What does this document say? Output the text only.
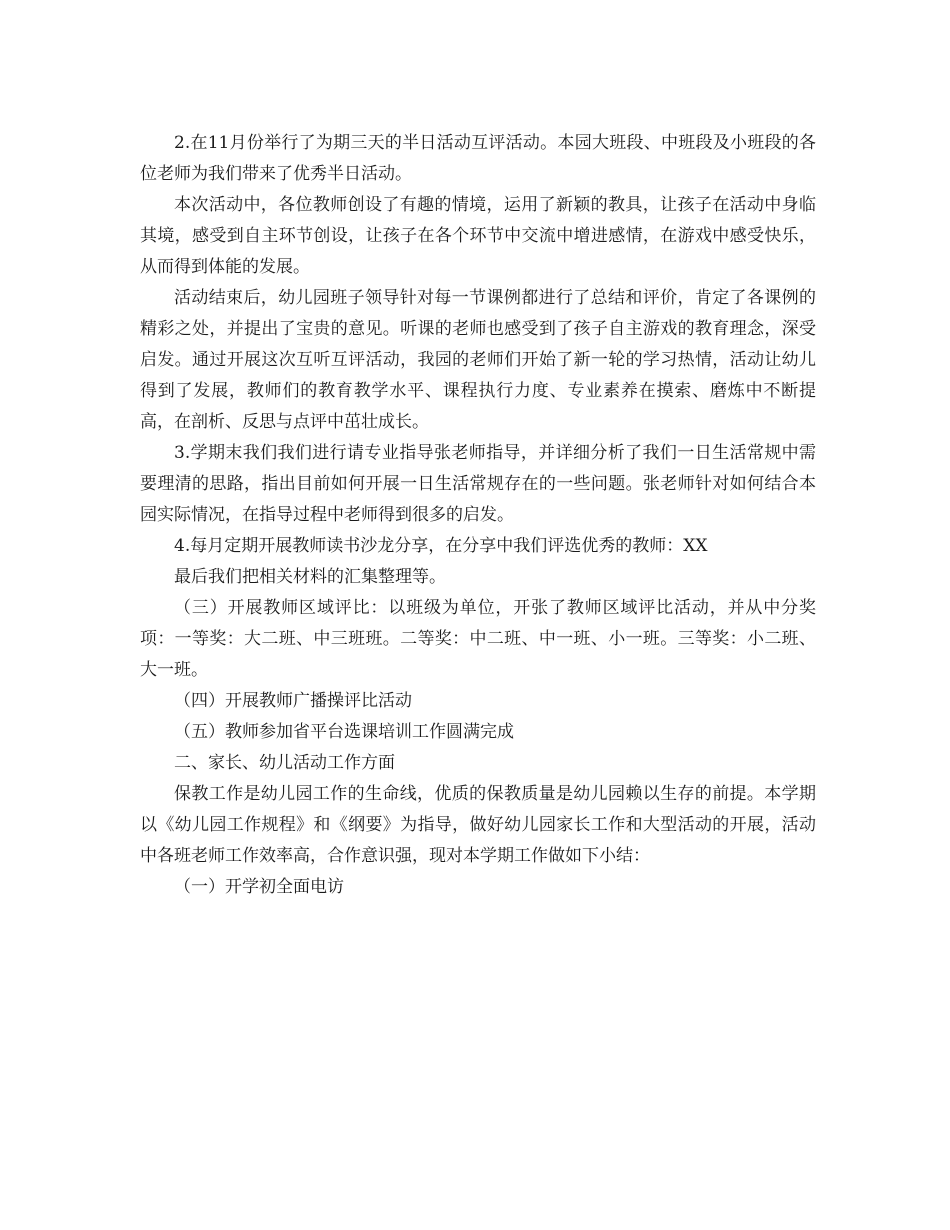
2.在11月份举行了为期三天的半日活动互评活动。本园大班段、中班段及小班段的各位老师为我们带来了优秀半日活动。

本次活动中，各位教师创设了有趣的情境，运用了新颖的教具，让孩子在活动中身临其境，感受到自主环节创设，让孩子在各个环节中交流中增进感情，在游戏中感受快乐，从而得到体能的发展。

活动结束后，幼儿园班子领导针对每一节课例都进行了总结和评价，肯定了各课例的精彩之处，并提出了宝贵的意见。听课的老师也感受到了孩子自主游戏的教育理念，深受启发。通过开展这次互听互评活动，我园的老师们开始了新一轮的学习热情，活动让幼儿得到了发展，教师们的教育教学水平、课程执行力度、专业素养在摸索、磨炼中不断提高，在剖析、反思与点评中茁壮成长。

3.学期末我们我们进行请专业指导张老师指导，并详细分析了我们一日生活常规中需要理清的思路，指出目前如何开展一日生活常规存在的一些问题。张老师针对如何结合本园实际情况，在指导过程中老师得到很多的启发。

4.每月定期开展教师读书沙龙分享，在分享中我们评选优秀的教师：XX

最后我们把相关材料的汇集整理等。

（三）开展教师区域评比：以班级为单位，开张了教师区域评比活动，并从中分奖项：一等奖：大二班、中三班班。二等奖：中二班、中一班、小一班。三等奖：小二班、大一班。

（四）开展教师广播操评比活动

（五）教师参加省平台选课培训工作圆满完成

二、家长、幼儿活动工作方面

保教工作是幼儿园工作的生命线，优质的保教质量是幼儿园赖以生存的前提。本学期以《幼儿园工作规程》和《纲要》为指导，做好幼儿园家长工作和大型活动的开展，活动中各班老师工作效率高，合作意识强，现对本学期工作做如下小结：

（一）开学初全面电访
